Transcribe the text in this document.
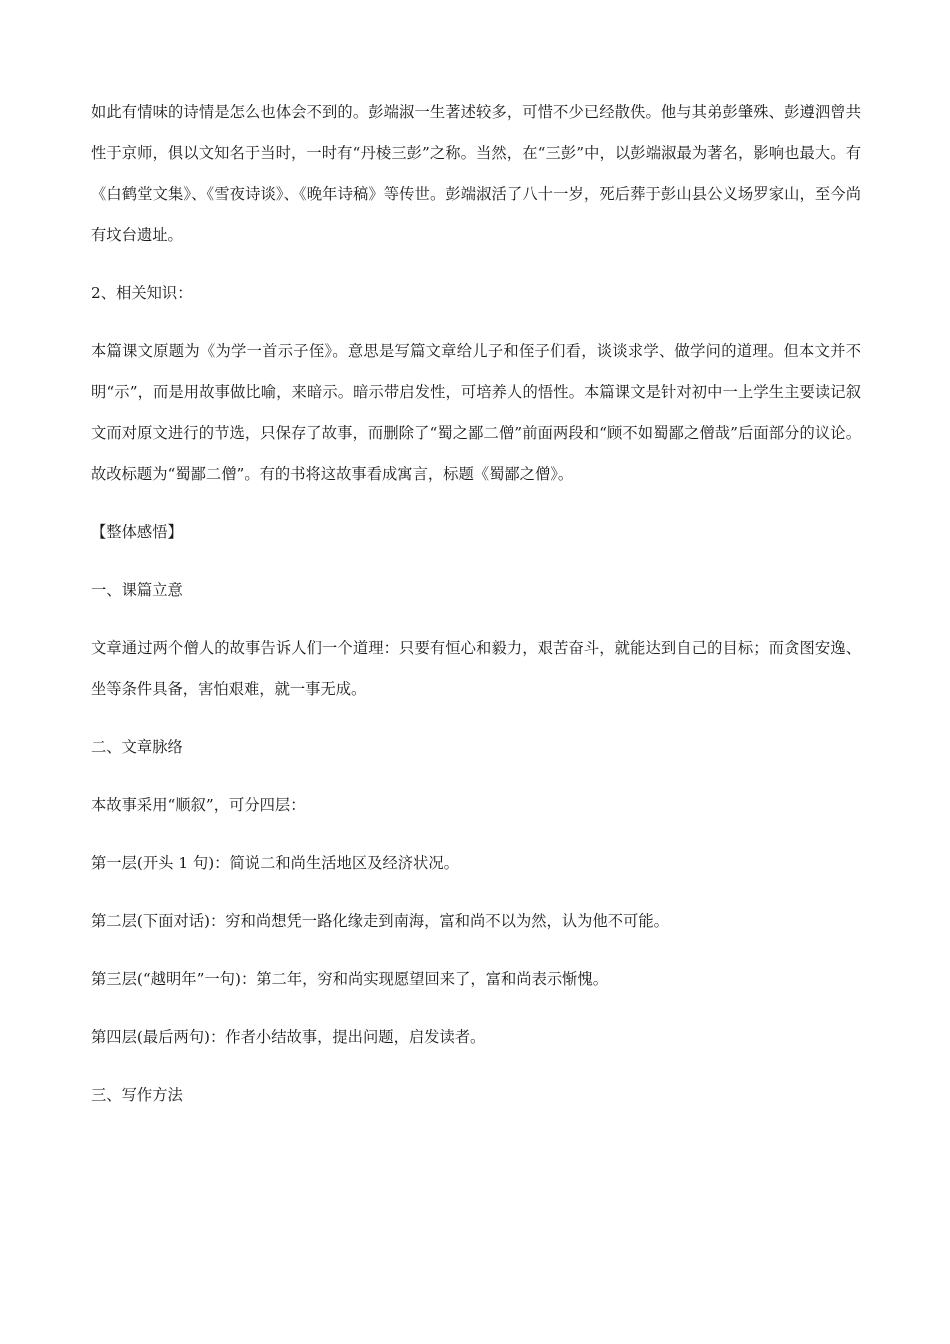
如此有情味的诗情是怎么也体会不到的。彭端淑一生著述较多，可惜不少已经散佚。他与其弟彭肇殊、彭遵泗曾共性于京师，俱以文知名于当时，一时有“丹棱三彭”之称。当然，在“三彭”中，以彭端淑最为著名，影响也最大。有《白鹤堂文集》、《雪夜诗谈》、《晚年诗稿》等传世。彭端淑活了八十一岁，死后葬于彭山县公义场罗家山，至今尚有坟台遗址。

2、相关知识：

本篇课文原题为《为学一首示子侄》。意思是写篇文章给儿子和侄子们看，谈谈求学、做学问的道理。但本文并不明“示”，而是用故事做比喻，来暗示。暗示带启发性，可培养人的悟性。本篇课文是针对初中一上学生主要读记叙文而对原文进行的节选，只保存了故事，而删除了“蜀之鄙二僧”前面两段和“顾不如蜀鄙之僧哉”后面部分的议论。故改标题为“蜀鄙二僧”。有的书将这故事看成寓言，标题《蜀鄙之僧》。

【整体感悟】

一、课篇立意

文章通过两个僧人的故事告诉人们一个道理：只要有恒心和毅力，艰苦奋斗，就能达到自己的目标；而贪图安逸、坐等条件具备，害怕艰难，就一事无成。

二、文章脉络

本故事采用“顺叙”，可分四层：

第一层(开头 1 句)：简说二和尚生活地区及经济状况。

第二层(下面对话)：穷和尚想凭一路化缘走到南海，富和尚不以为然，认为他不可能。

第三层(“越明年”一句)：第二年，穷和尚实现愿望回来了，富和尚表示惭愧。

第四层(最后两句)：作者小结故事，提出问题，启发读者。

三、写作方法
